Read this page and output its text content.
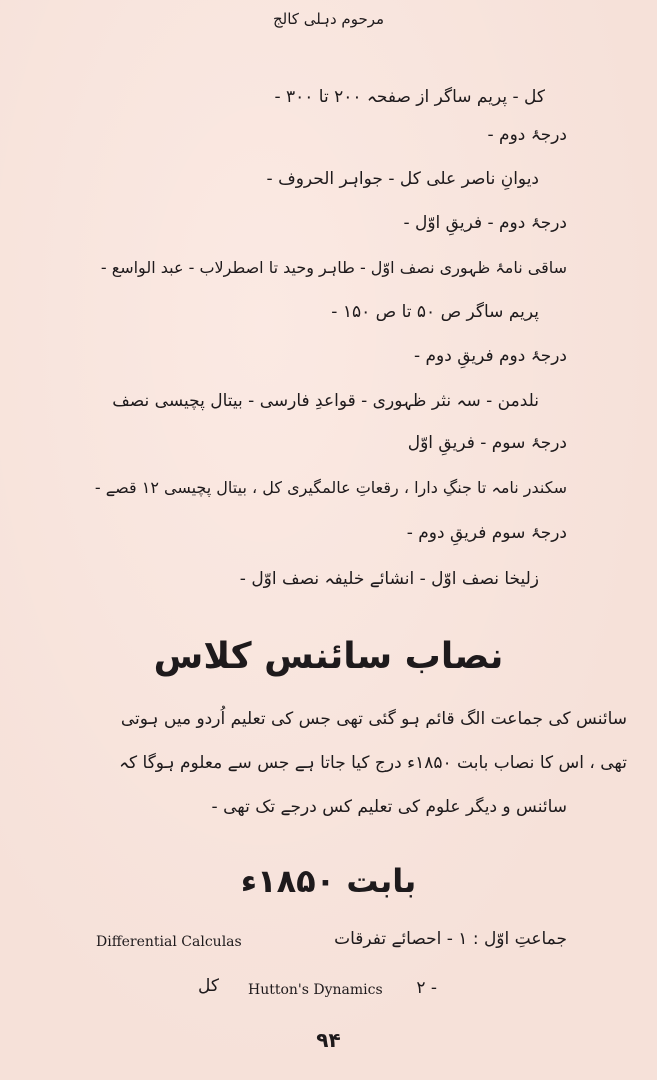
مرحوم دہلی کالج
کل - پریم ساگر از صفحہ ۲۰۰ تا ۳۰۰ -
درجۂ دوم -
دیوانِ ناصر علی کل - جواہر الحروف -
درجۂ دوم - فریقِ اوّل -
ساقی نامۂ ظہوری نصف اوّل - طاہر وحید تا اصطرلاب - عبد الواسع -
پریم ساگر ص ۵۰ تا ص ۱۵۰ -
درجۂ دوم فریقِ دوم -
نلدمن - سہ نثر ظہوری - قواعدِ فارسی - بیتال پچیسی نصف
درجۂ سوم - فریقِ اوّل
سکندر نامہ تا جنگِ دارا ، رقعاتِ عالمگیری کل ، بیتال پچیسی ۱۲ قصے -
درجۂ سوم فریقِ دوم -
زلیخا نصف اوّل - انشائے خلیفہ نصف اوّل -
نصاب سائنس کلاس
سائنس کی جماعت الگ قائم ہو گئی تھی جس کی تعلیم اُردو میں ہوتی
تھی ، اس کا نصاب بابت ۱۸۵۰ء درج کیا جاتا ہے جس سے معلوم ہوگا کہ
سائنس و دیگر علوم کی تعلیم کس درجے تک تھی -
بابت ۱۸۵۰ء
جماعتِ اوّل : ۱ - احصائے تفرقات
Differential Calculas
۲ -
Hutton's Dynamics
کل
۹۴
